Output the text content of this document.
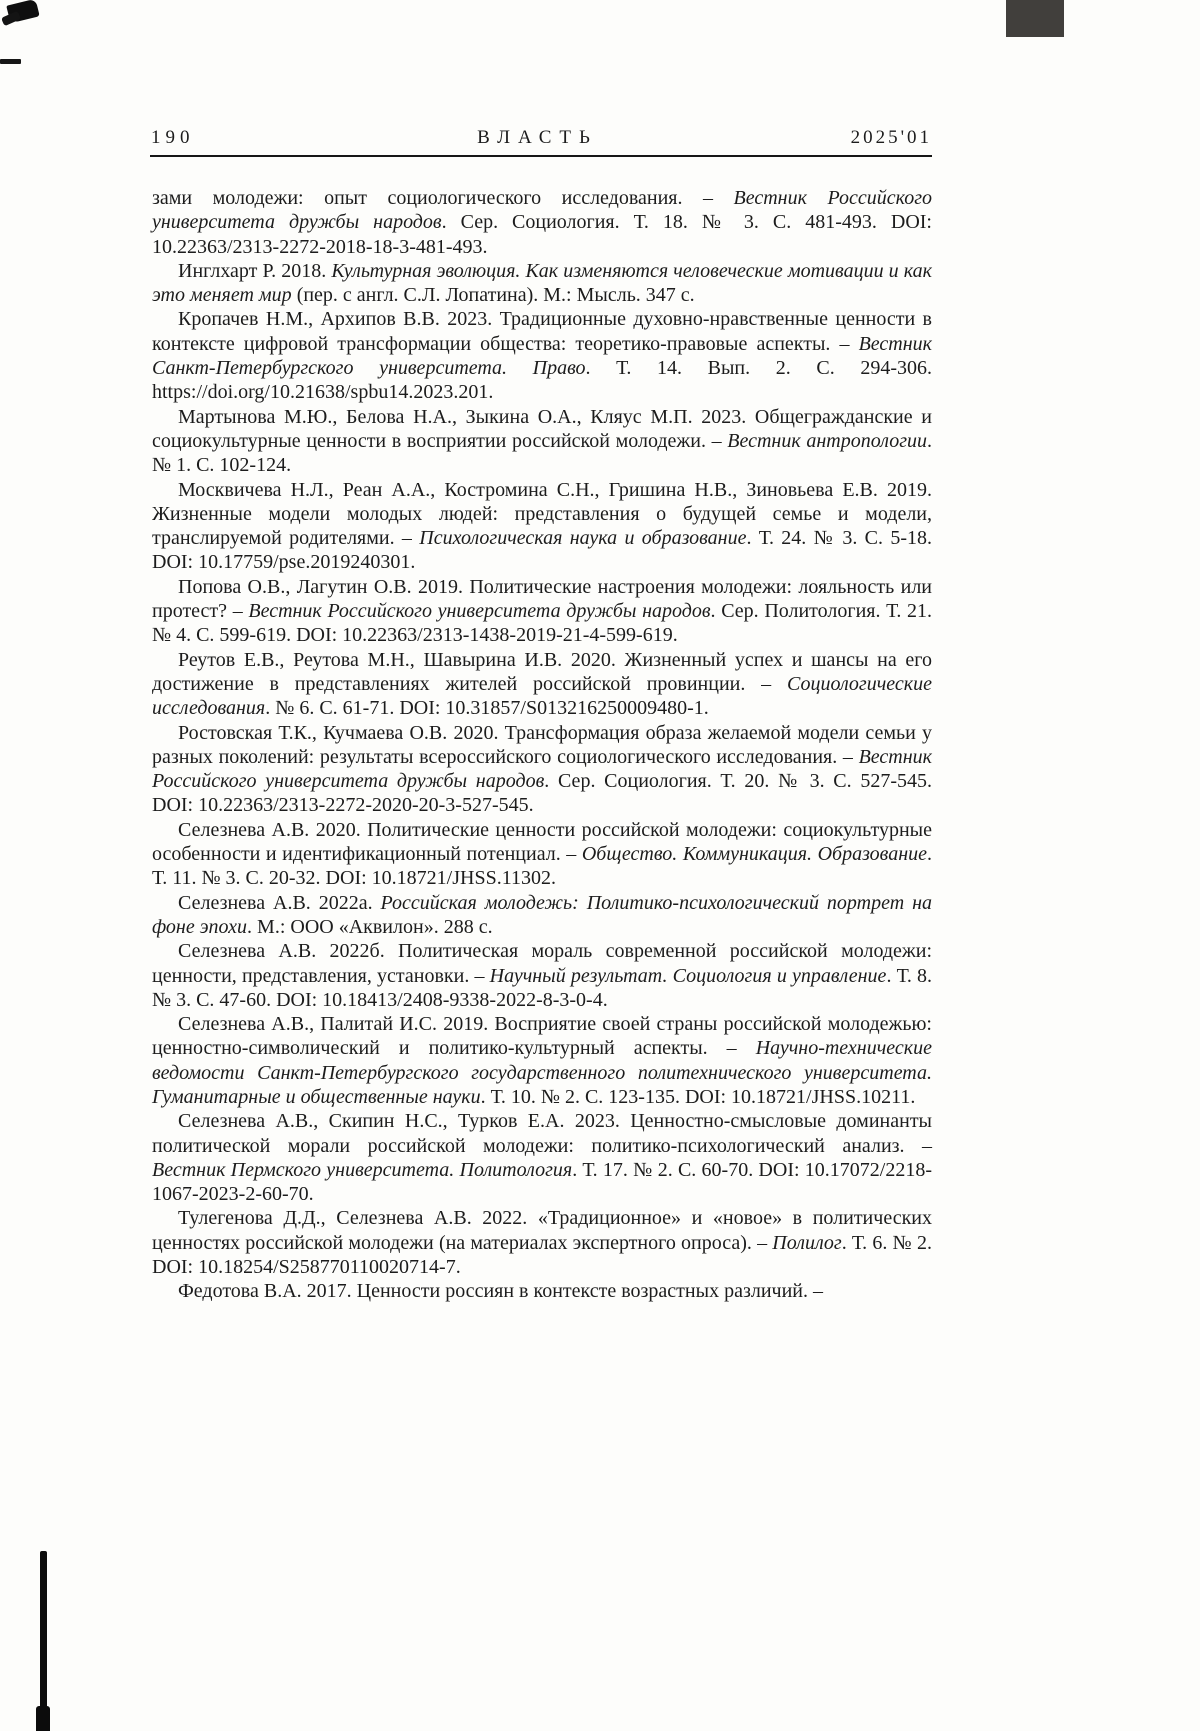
190	ВЛАСТЬ	2025'01

зами молодежи: опыт социологического исследования. – Вестник Российского университета дружбы народов. Сер. Социология. Т. 18. № 3. С. 481-493. DOI: 10.22363/2313-2272-2018-18-3-481-493.

Инглхарт Р. 2018. Культурная эволюция. Как изменяются человеческие мотивации и как это меняет мир (пер. с англ. С.Л. Лопатина). М.: Мысль. 347 с.

Кропачев Н.М., Архипов В.В. 2023. Традиционные духовно-нравственные ценности в контексте цифровой трансформации общества: теоретико-правовые аспекты. – Вестник Санкт-Петербургского университета. Право. Т. 14. Вып. 2. С. 294-306. https://doi.org/10.21638/spbu14.2023.201.

Мартынова М.Ю., Белова Н.А., Зыкина О.А., Кляус М.П. 2023. Общегражданские и социокультурные ценности в восприятии российской молодежи. – Вестник антропологии. № 1. С. 102-124.

Москвичева Н.Л., Реан А.А., Костромина С.Н., Гришина Н.В., Зиновьева Е.В. 2019. Жизненные модели молодых людей: представления о будущей семье и модели, транслируемой родителями. – Психологическая наука и образование. Т. 24. № 3. С. 5-18. DOI: 10.17759/pse.2019240301.

Попова О.В., Лагутин О.В. 2019. Политические настроения молодежи: лояльность или протест? – Вестник Российского университета дружбы народов. Сер. Политология. Т. 21. № 4. С. 599-619. DOI: 10.22363/2313-1438-2019-21-4-599-619.

Реутов Е.В., Реутова М.Н., Шавырина И.В. 2020. Жизненный успех и шансы на его достижение в представлениях жителей российской провинции. – Социологические исследования. № 6. С. 61-71. DOI: 10.31857/S013216250009480-1.

Ростовская Т.К., Кучмаева О.В. 2020. Трансформация образа желаемой модели семьи у разных поколений: результаты всероссийского социологического исследования. – Вестник Российского университета дружбы народов. Сер. Социология. Т. 20. № 3. С. 527-545. DOI: 10.22363/2313-2272-2020-20-3-527-545.

Селезнева А.В. 2020. Политические ценности российской молодежи: социокультурные особенности и идентификационный потенциал. – Общество. Коммуникация. Образование. Т. 11. № 3. С. 20-32. DOI: 10.18721/JHSS.11302.

Селезнева А.В. 2022а. Российская молодежь: Политико-психологический портрет на фоне эпохи. М.: ООО «Аквилон». 288 с.

Селезнева А.В. 2022б. Политическая мораль современной российской молодежи: ценности, представления, установки. – Научный результат. Социология и управление. Т. 8. № 3. С. 47-60. DOI: 10.18413/2408-9338-2022-8-3-0-4.

Селезнева А.В., Палитай И.С. 2019. Восприятие своей страны российской молодежью: ценностно-символический и политико-культурный аспекты. – Научно-технические ведомости Санкт-Петербургского государственного политехнического университета. Гуманитарные и общественные науки. Т. 10. № 2. С. 123-135. DOI: 10.18721/JHSS.10211.

Селезнева А.В., Скипин Н.С., Турков Е.А. 2023. Ценностно-смысловые доминанты политической морали российской молодежи: политико-психологический анализ. – Вестник Пермского университета. Политология. Т. 17. № 2. С. 60-70. DOI: 10.17072/2218-1067-2023-2-60-70.

Тулегенова Д.Д., Селезнева А.В. 2022. «Традиционное» и «новое» в политических ценностях российской молодежи (на материалах экспертного опроса). – Полилог. Т. 6. № 2. DOI: 10.18254/S258770110020714-7.

Федотова В.А. 2017. Ценности россиян в контексте возрастных различий. –
